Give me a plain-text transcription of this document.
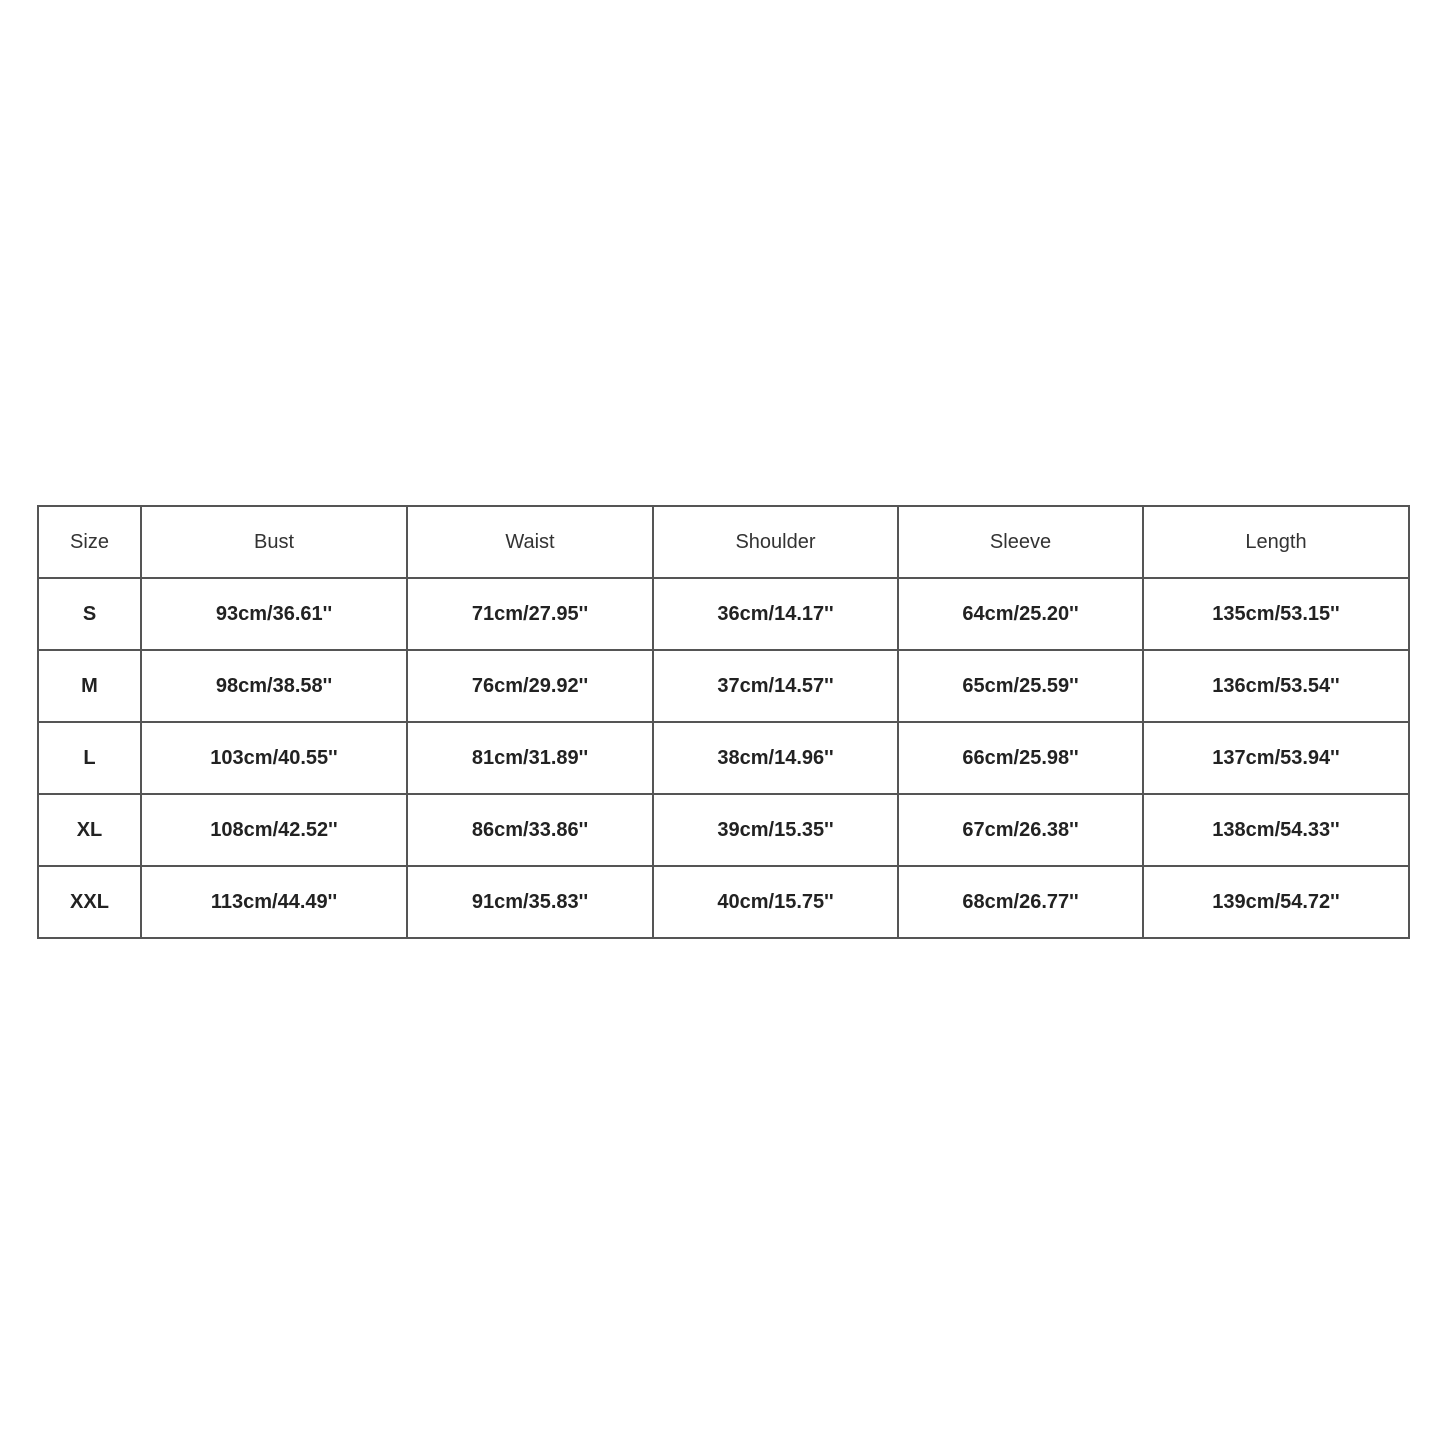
Size	Bust	Waist	Shoulder	Sleeve	Length
S	93cm/36.61''	71cm/27.95''	36cm/14.17''	64cm/25.20''	135cm/53.15''
M	98cm/38.58''	76cm/29.92''	37cm/14.57''	65cm/25.59''	136cm/53.54''
L	103cm/40.55''	81cm/31.89''	38cm/14.96''	66cm/25.98''	137cm/53.94''
XL	108cm/42.52''	86cm/33.86''	39cm/15.35''	67cm/26.38''	138cm/54.33''
XXL	113cm/44.49''	91cm/35.83''	40cm/15.75''	68cm/26.77''	139cm/54.72''
